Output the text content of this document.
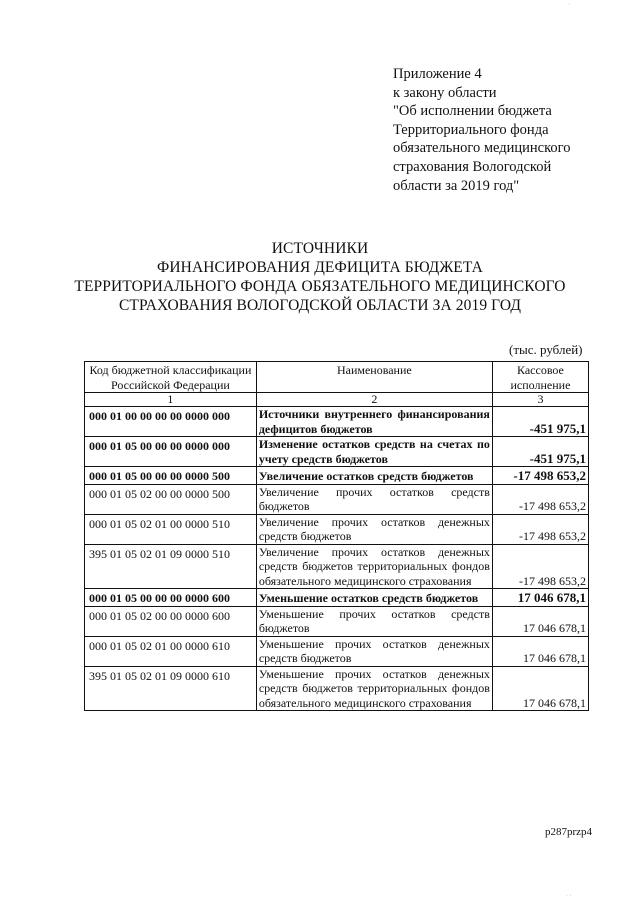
Приложение 4
к закону области
"Об исполнении бюджета
Территориального фонда
обязательного медицинского
страхования Вологодской
области за 2019 год"
ИСТОЧНИКИ
ФИНАНСИРОВАНИЯ ДЕФИЦИТА БЮДЖЕТА
ТЕРРИТОРИАЛЬНОГО ФОНДА ОБЯЗАТЕЛЬНОГО МЕДИЦИНСКОГО
СТРАХОВАНИЯ ВОЛОГОДСКОЙ ОБЛАСТИ ЗА 2019 ГОД
(тыс. рублей)
Код бюджетной классификации Российской Федерации	Наименование	Кассовое исполнение
1	2	3
000 01 00 00 00 00 0000 000	Источники внутреннего финансирования дефицитов бюджетов	-451 975,1
000 01 05 00 00 00 0000 000	Изменение остатков средств на счетах по учету средств бюджетов	-451 975,1
000 01 05 00 00 00 0000 500	Увеличение остатков средств бюджетов	-17 498 653,2
000 01 05 02 00 00 0000 500	Увеличение прочих остатков средств бюджетов	-17 498 653,2
000 01 05 02 01 00 0000 510	Увеличение прочих остатков денежных средств бюджетов	-17 498 653,2
395 01 05 02 01 09 0000 510	Увеличение прочих остатков денежных средств бюджетов территориальных фондов обязательного медицинского страхования	-17 498 653,2
000 01 05 00 00 00 0000 600	Уменьшение остатков средств бюджетов	17 046 678,1
000 01 05 02 00 00 0000 600	Уменьшение прочих остатков средств бюджетов	17 046 678,1
000 01 05 02 01 00 0000 610	Уменьшение прочих остатков денежных средств бюджетов	17 046 678,1
395 01 05 02 01 09 0000 610	Уменьшение прочих остатков денежных средств бюджетов территориальных фондов обязательного медицинского страхования	17 046 678,1
p287przp4
·
· ·
